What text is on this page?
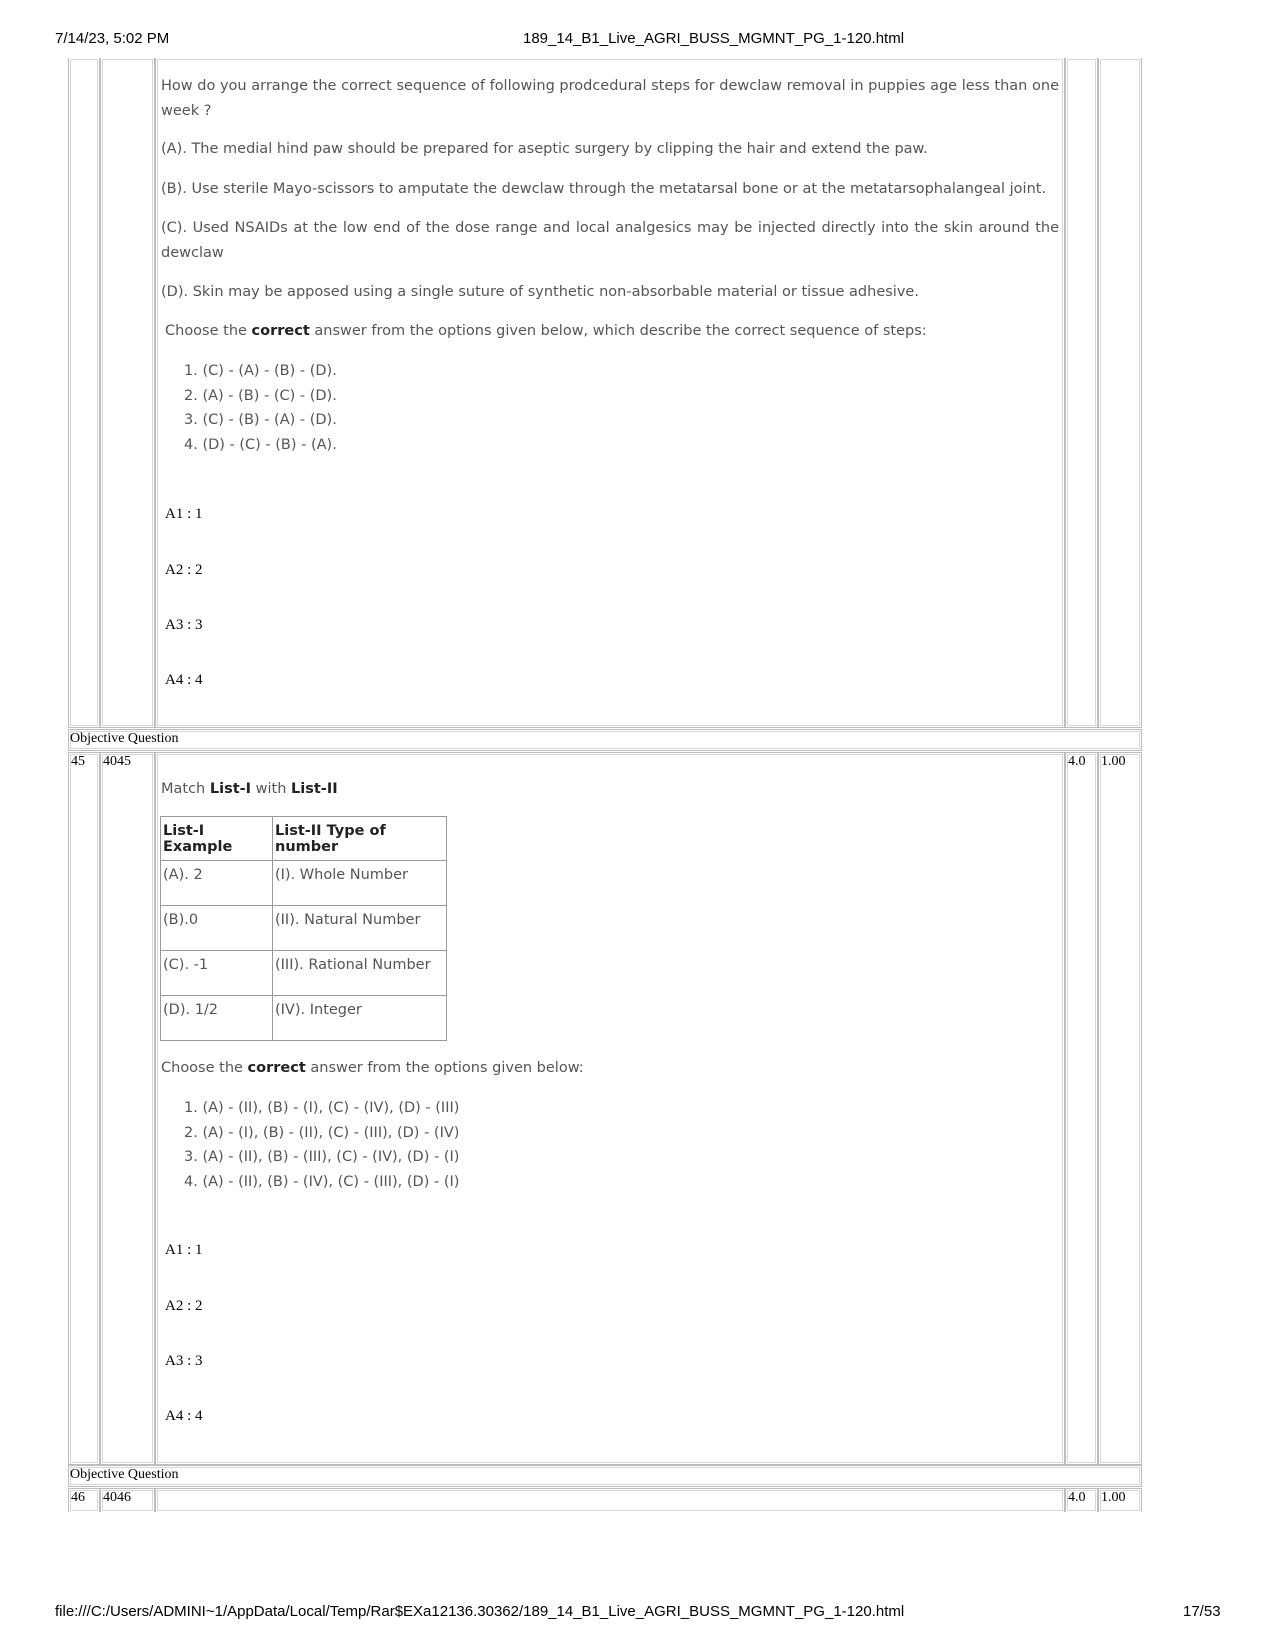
7/14/23, 5:02 PM	189_14_B1_Live_AGRI_BUSS_MGMNT_PG_1-120.html
How do you arrange the correct sequence of following prodcedural steps for dewclaw removal in puppies age less than one week ?
(A). The medial hind paw should be prepared for aseptic surgery by clipping the hair and extend the paw.
(B). Use sterile Mayo-scissors to amputate the dewclaw through the metatarsal bone or at the metatarsophalangeal joint.
(C). Used NSAIDs at the low end of the dose range and local analgesics may be injected directly into the skin around the dewclaw
(D). Skin may be apposed using a single suture of synthetic non-absorbable material or tissue adhesive.
Choose the correct answer from the options given below, which describe the correct sequence of steps:
1. (C) - (A) - (B) - (D).
2. (A) - (B) - (C) - (D).
3. (C) - (B) - (A) - (D).
4. (D) - (C) - (B) - (A).
A1 : 1
A2 : 2
A3 : 3
A4 : 4
Objective Question
45 4045	4.0 1.00
Match List-I with List-II
List-I Example	List-II Type of number
(A). 2	(I). Whole Number
(B).0	(II). Natural Number
(C). -1	(III). Rational Number
(D). 1/2	(IV). Integer
Choose the correct answer from the options given below:
1. (A) - (II), (B) - (I), (C) - (IV), (D) - (III)
2. (A) - (I), (B) - (II), (C) - (III), (D) - (IV)
3. (A) - (II), (B) - (III), (C) - (IV), (D) - (I)
4. (A) - (II), (B) - (IV), (C) - (III), (D) - (I)
A1 : 1
A2 : 2
A3 : 3
A4 : 4
Objective Question
46 4046	4.0 1.00
file:///C:/Users/ADMINI~1/AppData/Local/Temp/Rar$EXa12136.30362/189_14_B1_Live_AGRI_BUSS_MGMNT_PG_1-120.html	17/53
